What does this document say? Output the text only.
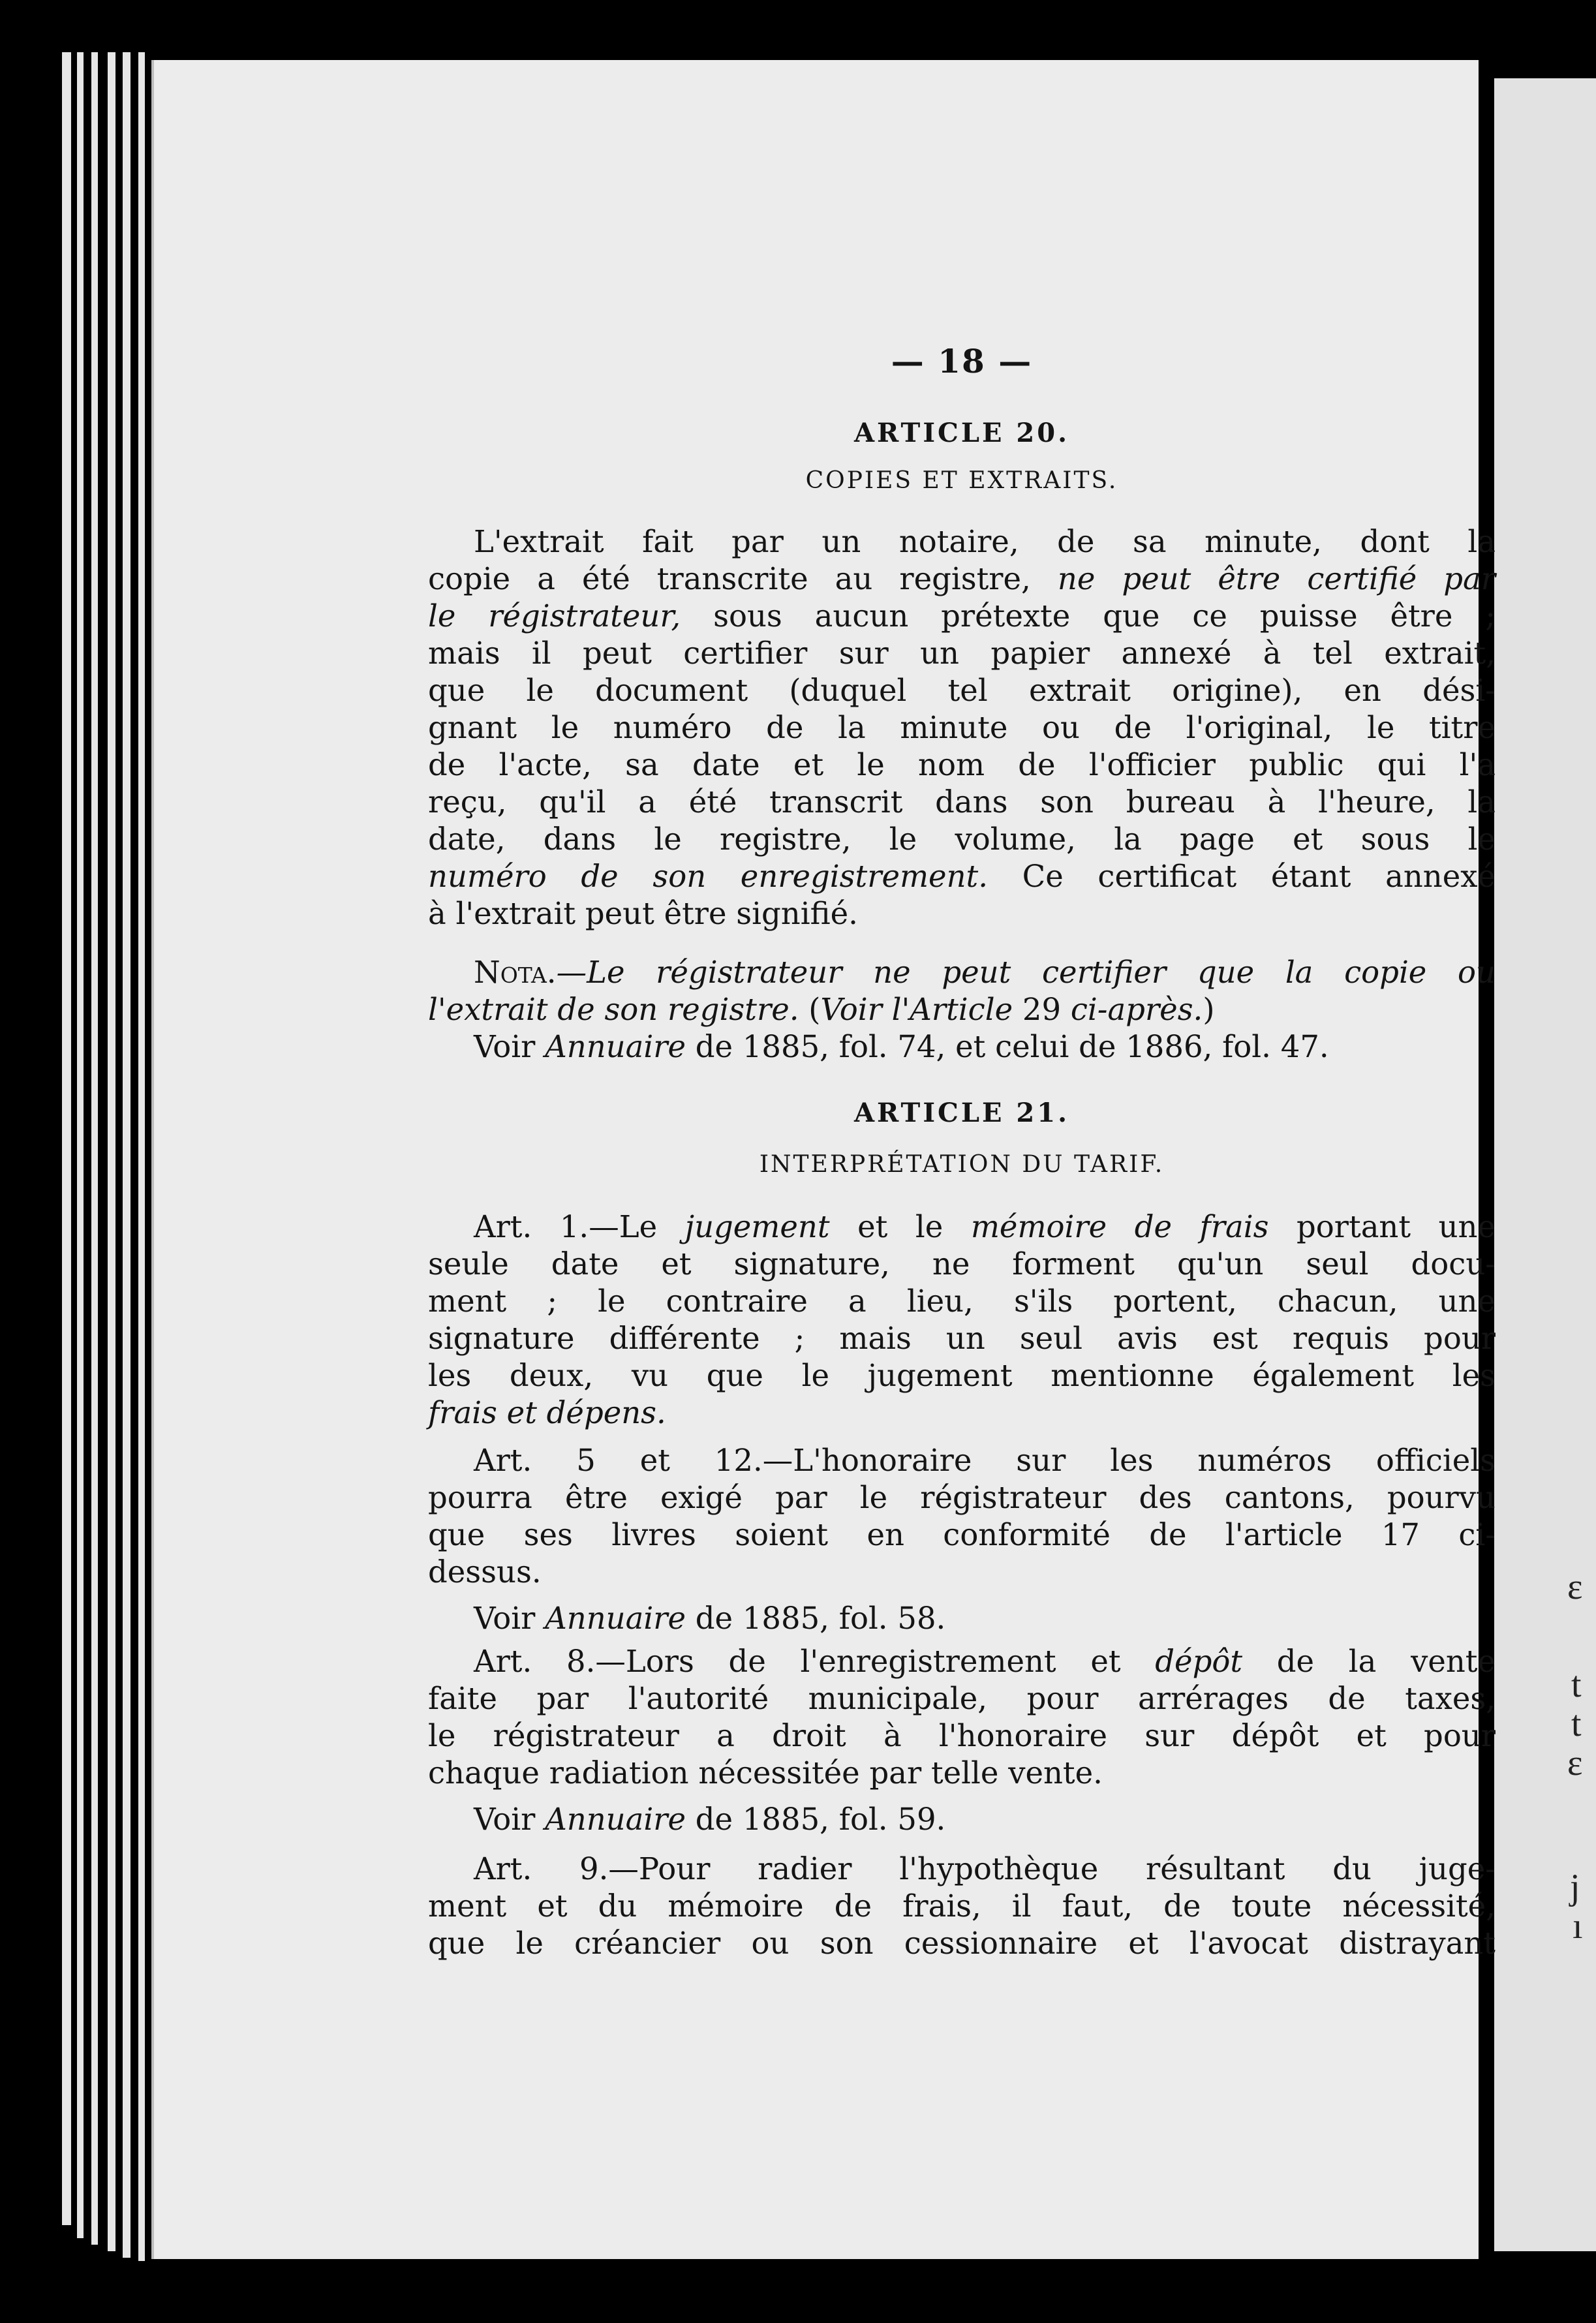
ɛ
t
t
ɛ
j
ı
— 18 —
ARTICLE 20.
COPIES ET EXTRAITS.
L'extrait fait par un notaire, de sa minute, dont la
copie a été transcrite au registre, ne peut être certifié par
le régistrateur, sous aucun prétexte que ce puisse être ;
mais il peut certifier sur un papier annexé à tel extrait,
que le document (duquel tel extrait origine), en dési-
gnant le numéro de la minute ou de l'original, le titre
de l'acte, sa date et le nom de l'officier public qui l'a
reçu, qu'il a été transcrit dans son bureau à l'heure, la
date, dans le registre, le volume, la page et sous le
numéro de son enregistrement. Ce certificat étant annexé
à l'extrait peut être signifié.
Nota.—Le régistrateur ne peut certifier que la copie ou
l'extrait de son registre. (Voir l'Article 29 ci-après.)
Voir Annuaire de 1885, fol. 74, et celui de 1886, fol. 47.
ARTICLE 21.
INTERPRÉTATION DU TARIF.
Art. 1.—Le jugement et le mémoire de frais portant une
seule date et signature, ne forment qu'un seul docu-
ment ; le contraire a lieu, s'ils portent, chacun, une
signature différente ; mais un seul avis est requis pour
les deux, vu que le jugement mentionne également les
frais et dépens.
Art. 5 et 12.—L'honoraire sur les numéros officiels
pourra être exigé par le régistrateur des cantons, pourvu
que ses livres soient en conformité de l'article 17 ci-
dessus.
Voir Annuaire de 1885, fol. 58.
Art. 8.—Lors de l'enregistrement et dépôt de la vente
faite par l'autorité municipale, pour arrérages de taxes,
le régistrateur a droit à l'honoraire sur dépôt et pour
chaque radiation nécessitée par telle vente.
Voir Annuaire de 1885, fol. 59.
Art. 9.—Pour radier l'hypothèque résultant du juge-
ment et du mémoire de frais, il faut, de toute nécessité,
que le créancier ou son cessionnaire et l'avocat distrayant
